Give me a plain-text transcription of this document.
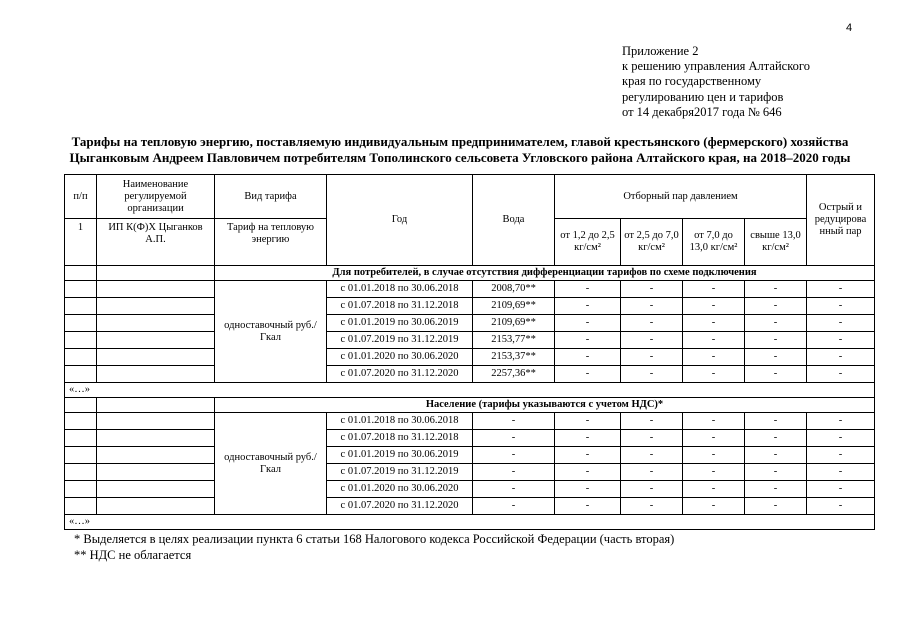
4
Приложение 2
к решению управления Алтайского
края по государственному
регулированию цен и тарифов
от 14 декабря2017 года № 646
Тарифы на тепловую энергию, поставляемую индивидуальным предпринимателем, главой крестьянского (фермерского) хозяйства
Цыганковым Андреем Павловичем потребителям Тополинского сельсовета Угловского района Алтайского края, на 2018–2020 годы
п/п	Наименование регулируемой организации	Вид тарифа	Год	Вода	Отборный пар давлением				Острый и редуцирова нный пар
1	ИП К(Ф)Х Цыганков А.П.	Тариф на тепловую энергию			от 1,2 до 2,5 кг/см²	от 2,5 до 7,0 кг/см²	от 7,0 до 13,0 кг/см²	свыше 13,0 кг/см²	
		Для потребителей, в случае отсутствия дифференциации тарифов по схеме подключения							
		одноставочный руб./Гкал	с 01.01.2018 по 30.06.2018	2008,70**	-	-	-	-	-
			с 01.07.2018 по 31.12.2018	2109,69**	-	-	-	-	-
			с 01.01.2019 по 30.06.2019	2109,69**	-	-	-	-	-
			с 01.07.2019 по 31.12.2019	2153,77**	-	-	-	-	-
			с 01.01.2020 по 30.06.2020	2153,37**	-	-	-	-	-
			с 01.07.2020 по 31.12.2020	2257,36**	-	-	-	-	-
«…»									
		Население (тарифы указываются с учетом НДС)*							
		одноставочный руб./Гкал	с 01.01.2018 по 30.06.2018	-	-	-	-	-	-
			с 01.07.2018 по 31.12.2018	-	-	-	-	-	-
			с 01.01.2019 по 30.06.2019	-	-	-	-	-	-
			с 01.07.2019 по 31.12.2019	-	-	-	-	-	-
			с 01.01.2020 по 30.06.2020	-	-	-	-	-	-
			с 01.07.2020 по 31.12.2020	-	-	-	-	-	-
«…»									
* Выделяется в целях реализации пункта 6 статьи 168 Налогового кодекса Российской Федерации (часть вторая)
** НДС не облагается
